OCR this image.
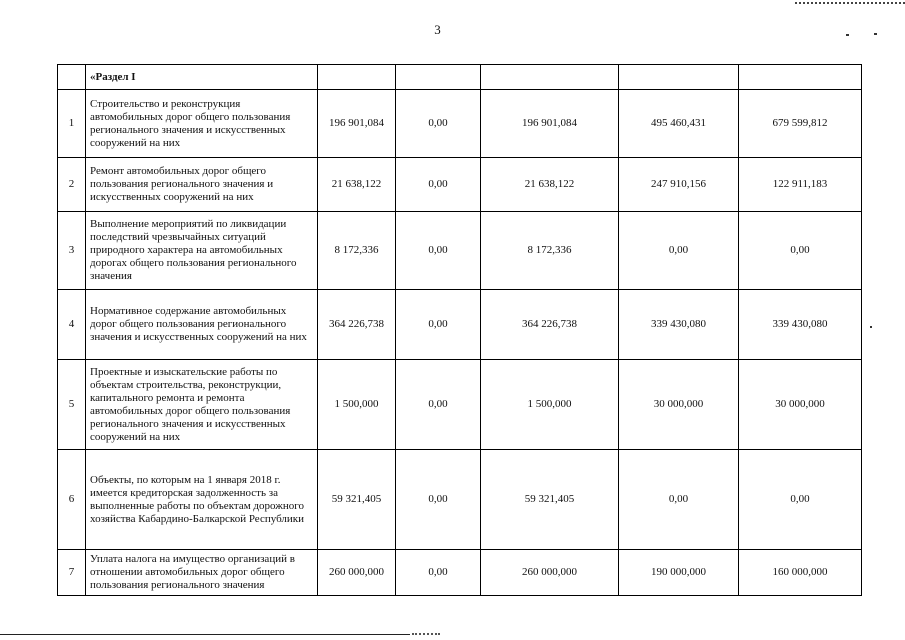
3
	«Раздел I					
1	Строительство и реконструкция автомобильных дорог общего пользования регионального значения и искусственных сооружений на них	196 901,084	0,00	196 901,084	495 460,431	679 599,812
2	Ремонт автомобильных дорог общего пользования регионального значения и искусственных сооружений на них	21 638,122	0,00	21 638,122	247 910,156	122 911,183
3	Выполнение мероприятий по ликвидации последствий чрезвычайных ситуаций природного характера на автомобильных дорогах общего пользования регионального значения	8 172,336	0,00	8 172,336	0,00	0,00
4	Нормативное содержание автомобильных дорог общего пользования регионального значения и искусственных сооружений на них	364 226,738	0,00	364 226,738	339 430,080	339 430,080
5	Проектные и изыскательские работы по объектам строительства, реконструкции, капитального ремонта и ремонта автомобильных дорог общего пользования регионального значения и искусственных сооружений на них	1 500,000	0,00	1 500,000	30 000,000	30 000,000
6	Объекты, по которым на 1 января 2018 г. имеется кредиторская задолженность за выполненные работы по объектам дорожного хозяйства Кабардино-Балкарской Республики	59 321,405	0,00	59 321,405	0,00	0,00
7	Уплата налога на имущество организаций в отношении автомобильных дорог общего пользования регионального значения	260 000,000	0,00	260 000,000	190 000,000	160 000,000
